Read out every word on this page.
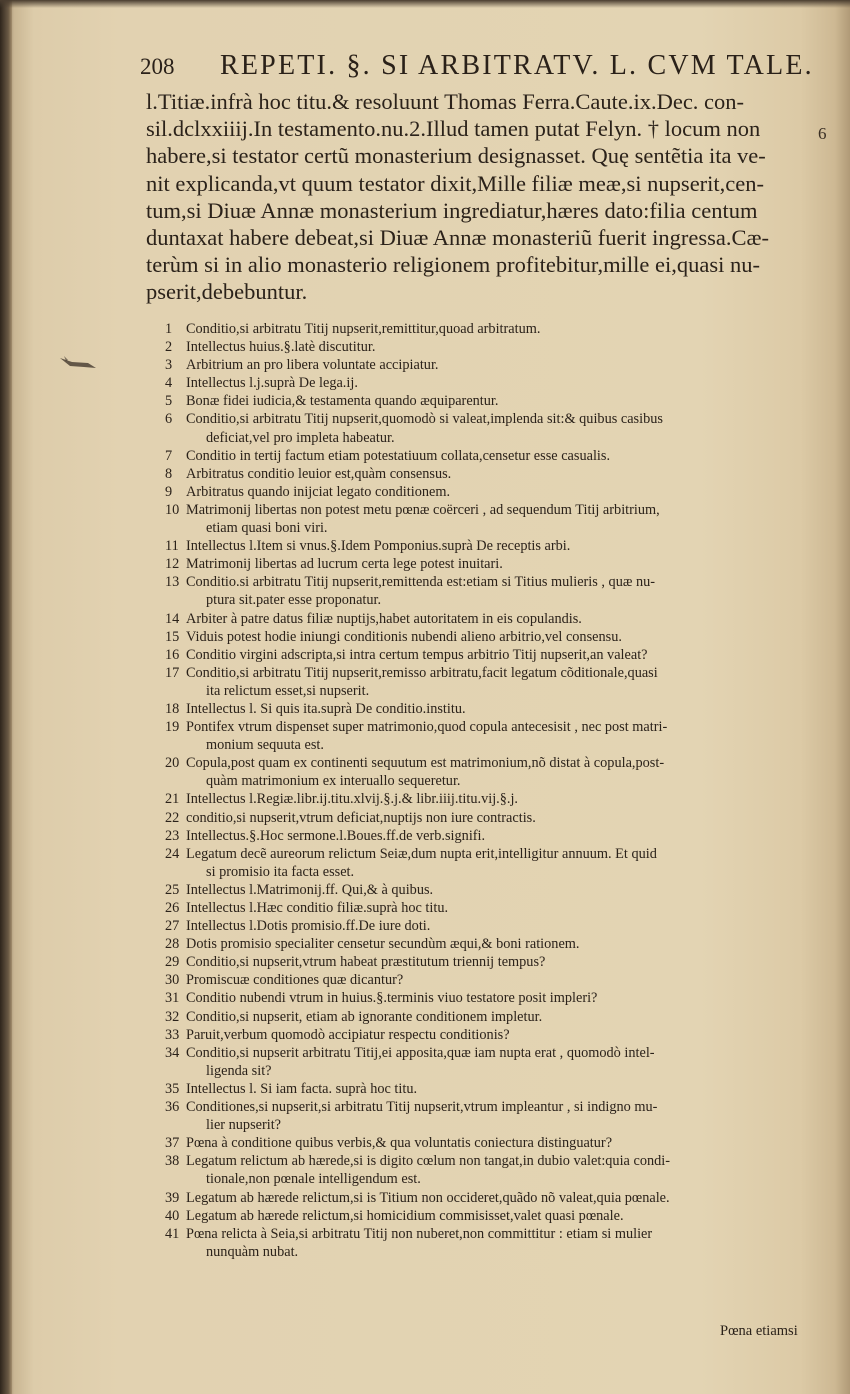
208 REPETI. §. SI ARBITRATV. L. CVM TALE.
l.Titiæ.infrà hoc titu.& resoluunt Thomas Ferra.Caute.ix.Dec. con-
sil.dclxxiiij.In testamento.nu.2.Illud tamen putat Felyn. † locum non
habere,si testator certũ monasterium designasset. Quę sentẽtia ita ve-
nit explicanda,vt quum testator dixit,Mille filiæ meæ,si nupserit,cen-
tum,si Diuæ Annæ monasterium ingrediatur,hæres dato:filia centum
duntaxat habere debeat,si Diuæ Annæ monasteriũ fuerit ingressa.Cæ-
terùm si in alio monasterio religionem profitebitur,mille ei,quasi nu-
pserit,debebuntur.
6
1 Conditio,si arbitratu Titij nupserit,remittitur,quoad arbitratum.
2 Intellectus huius.§.latè discutitur.
3 Arbitrium an pro libera voluntate accipiatur.
4 Intellectus l.j.suprà De lega.ij.
5 Bonæ fidei iudicia,& testamenta quando æquiparentur.
6 Conditio,si arbitratu Titij nupserit,quomodò si valeat,implenda sit:& quibus casibus
deficiat,vel pro impleta habeatur.
7 Conditio in tertij factum etiam potestatiuum collata,censetur esse casualis.
8 Arbitratus conditio leuior est,quàm consensus.
9 Arbitratus quando inijciat legato conditionem.
10 Matrimonij libertas non potest metu pœnæ coërceri , ad sequendum Titij arbitrium,
etiam quasi boni viri.
11 Intellectus l.Item si vnus.§.Idem Pomponius.suprà De receptis arbi.
12 Matrimonij libertas ad lucrum certa lege potest inuitari.
13 Conditio.si arbitratu Titij nupserit,remittenda est:etiam si Titius mulieris , quæ nu-
ptura sit.pater esse proponatur.
14 Arbiter à patre datus filiæ nuptijs,habet autoritatem in eis copulandis.
15 Viduis potest hodie iniungi conditionis nubendi alieno arbitrio,vel consensu.
16 Conditio virgini adscripta,si intra certum tempus arbitrio Titij nupserit,an valeat?
17 Conditio,si arbitratu Titij nupserit,remisso arbitratu,facit legatum cõditionale,quasi
ita relictum esset,si nupserit.
18 Intellectus l. Si quis ita.suprà De conditio.institu.
19 Pontifex vtrum dispenset super matrimonio,quod copula antecesisit , nec post matri-
monium sequuta est.
20 Copula,post quam ex continenti sequutum est matrimonium,nõ distat à copula,post-
quàm matrimonium ex interuallo sequeretur.
21 Intellectus l.Regiæ.libr.ij.titu.xlvij.§.j.& libr.iiij.titu.vij.§.j.
22 conditio,si nupserit,vtrum deficiat,nuptijs non iure contractis.
23 Intellectus.§.Hoc sermone.l.Boues.ff.de verb.signifi.
24 Legatum decẽ aureorum relictum Seiæ,dum nupta erit,intelligitur annuum. Et quid
si promisio ita facta esset.
25 Intellectus l.Matrimonij.ff. Qui,& à quibus.
26 Intellectus l.Hæc conditio filiæ.suprà hoc titu.
27 Intellectus l.Dotis promisio.ff.De iure doti.
28 Dotis promisio specialiter censetur secundùm æqui,& boni rationem.
29 Conditio,si nupserit,vtrum habeat præstitutum triennij tempus?
30 Promiscuæ conditiones quæ dicantur?
31 Conditio nubendi vtrum in huius.§.terminis viuo testatore posit impleri?
32 Conditio,si nupserit, etiam ab ignorante conditionem impletur.
33 Paruit,verbum quomodò accipiatur respectu conditionis?
34 Conditio,si nupserit arbitratu Titij,ei apposita,quæ iam nupta erat , quomodò intel-
ligenda sit?
35 Intellectus l. Si iam facta. suprà hoc titu.
36 Conditiones,si nupserit,si arbitratu Titij nupserit,vtrum impleantur , si indigno mu-
lier nupserit?
37 Pœna à conditione quibus verbis,& qua voluntatis coniectura distinguatur?
38 Legatum relictum ab hærede,si is digito cœlum non tangat,in dubio valet:quia condi-
tionale,non pœnale intelligendum est.
39 Legatum ab hærede relictum,si is Titium non occideret,quãdo nõ valeat,quia pœnale.
40 Legatum ab hærede relictum,si homicidium commisisset,valet quasi pœnale.
41 Pœna relicta à Seia,si arbitratu Titij non nuberet,non committitur : etiam si mulier
nunquàm nubat.
Pœna etiamsi
